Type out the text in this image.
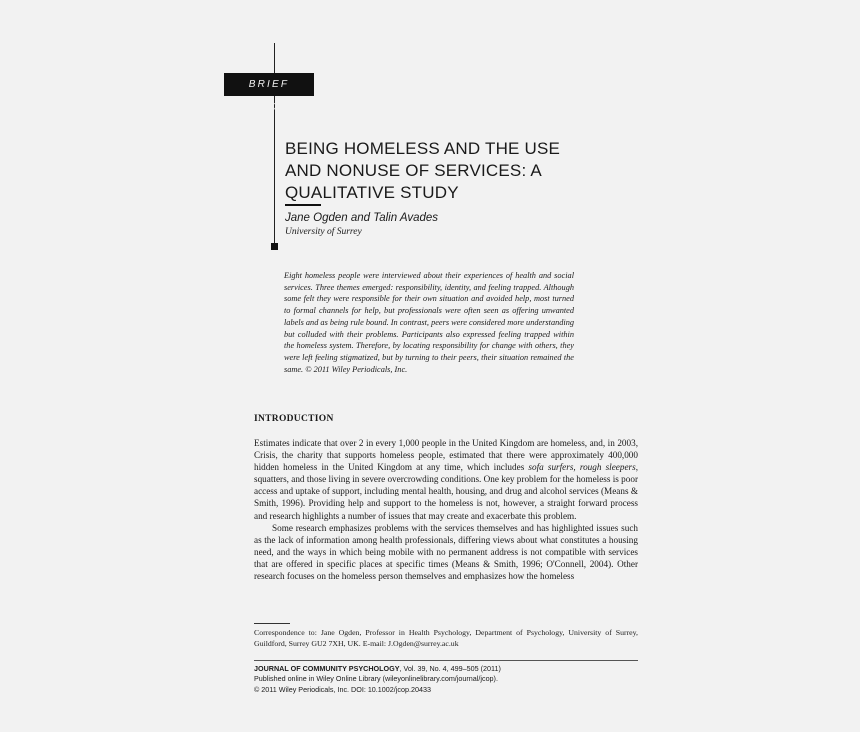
BRIEF REPORT
BEING HOMELESS AND THE USE AND NONUSE OF SERVICES: A QUALITATIVE STUDY
Jane Ogden and Talin Avades
University of Surrey
Eight homeless people were interviewed about their experiences of health and social services. Three themes emerged: responsibility, identity, and feeling trapped. Although some felt they were responsible for their own situation and avoided help, most turned to formal channels for help, but professionals were often seen as offering unwanted labels and as being rule bound. In contrast, peers were considered more understanding but colluded with their problems. Participants also expressed feeling trapped within the homeless system. Therefore, by locating responsibility for change with others, they were left feeling stigmatized, but by turning to their peers, their situation remained the same. © 2011 Wiley Periodicals, Inc.
INTRODUCTION

Estimates indicate that over 2 in every 1,000 people in the United Kingdom are homeless, and, in 2003, Crisis, the charity that supports homeless people, estimated that there were approximately 400,000 hidden homeless in the United Kingdom at any time, which includes sofa surfers, rough sleepers, squatters, and those living in severe overcrowding conditions. One key problem for the homeless is poor access and uptake of support, including mental health, housing, and drug and alcohol services (Means & Smith, 1996). Providing help and support to the homeless is not, however, a straight forward process and research highlights a number of issues that may create and exacerbate this problem.

Some research emphasizes problems with the services themselves and has highlighted issues such as the lack of information among health professionals, differing views about what constitutes a housing need, and the ways in which being mobile with no permanent address is not compatible with services that are offered in specific places at specific times (Means & Smith, 1996; O'Connell, 2004). Other research focuses on the homeless person themselves and emphasizes how the homeless

Correspondence to: Jane Ogden, Professor in Health Psychology, Department of Psychology, University of Surrey, Guildford, Surrey GU2 7XH, UK. E-mail: J.Ogden@surrey.ac.uk
JOURNAL OF COMMUNITY PSYCHOLOGY, Vol. 39, No. 4, 499–505 (2011)
Published online in Wiley Online Library (wileyonlinelibrary.com/journal/jcop).
© 2011 Wiley Periodicals, Inc. DOI: 10.1002/jcop.20433
